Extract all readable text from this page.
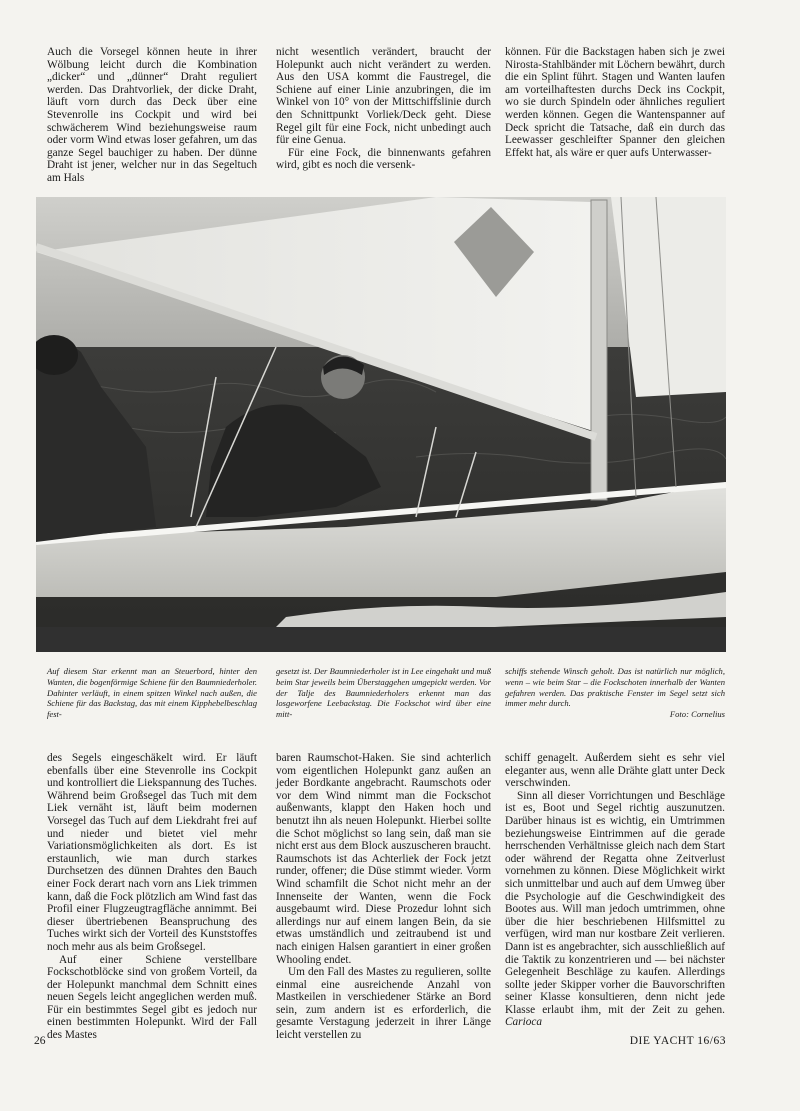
Auch die Vorsegel können heute in ihrer Wölbung leicht durch die Kombination „dicker“ und „dünner“ Draht reguliert werden. Das Drahtvorliek, der dicke Draht, läuft vorn durch das Deck über eine Stevenrolle ins Cockpit und wird bei schwächerem Wind beziehungsweise raum oder vorm Wind etwas loser gefahren, um das ganze Segel bauchiger zu haben. Der dünne Draht ist jener, welcher nur in das Segeltuch am Hals

nicht wesentlich verändert, braucht der Holepunkt auch nicht verändert zu werden. Aus den USA kommt die Faustregel, die Schiene auf einer Linie anzubringen, die im Winkel von 10° von der Mittschiffslinie durch den Schnittpunkt Vorliek/Deck geht. Diese Regel gilt für eine Fock, nicht unbedingt auch für eine Genua.

Für eine Fock, die binnenwants gefahren wird, gibt es noch die versenk-

können. Für die Backstagen haben sich je zwei Nirosta-Stahlbänder mit Löchern bewährt, durch die ein Splint führt. Stagen und Wanten laufen am vorteilhaftesten durchs Deck ins Cockpit, wo sie durch Spindeln oder ähnliches reguliert werden können. Gegen die Wantenspanner auf Deck spricht die Tatsache, daß ein durch das Leewasser geschleifter Spanner den gleichen Effekt hat, als wäre er quer aufs Unterwasser-

Auf diesem Star erkennt man an Steuerbord, hinter den Wanten, die bogenförmige Schiene für den Baumniederholer. Dahinter verläuft, in einem spitzen Winkel nach außen, die Schiene für das Backstag, das mit einem Kipphebelbeschlag fest-

gesetzt ist. Der Baumniederholer ist in Lee eingehakt und muß beim Star jeweils beim Überstaggehen umgepickt werden. Vor der Talje des Baumniederholers erkennt man das losgeworfene Leebackstag. Die Fockschot wird über eine mitt-

schiffs stehende Winsch geholt. Das ist natürlich nur möglich, wenn – wie beim Star – die Fockschoten innerhalb der Wanten gefahren werden. Das praktische Fenster im Segel setzt sich immer mehr durch.
Foto: Cornelius

des Segels eingeschäkelt wird. Er läuft ebenfalls über eine Stevenrolle ins Cockpit und kontrolliert die Liekspannung des Tuches. Während beim Großsegel das Tuch mit dem Liek vernäht ist, läuft beim modernen Vorsegel das Tuch auf dem Liekdraht frei auf und nieder und bietet viel mehr Variationsmöglichkeiten als dort. Es ist erstaunlich, wie man durch starkes Durchsetzen des dünnen Drahtes den Bauch einer Fock derart nach vorn ans Liek trimmen kann, daß die Fock plötzlich am Wind fast das Profil einer Flugzeugtragfläche annimmt. Bei dieser übertriebenen Beanspruchung des Tuches wirkt sich der Vorteil des Kunststoffes noch mehr aus als beim Großsegel.

Auf einer Schiene verstellbare Fockschotblöcke sind von großem Vorteil, da der Holepunkt manchmal dem Schnitt eines neuen Segels leicht angeglichen werden muß. Für ein bestimmtes Segel gibt es jedoch nur einen bestimmten Holepunkt. Wird der Fall des Mastes

baren Raumschot-Haken. Sie sind achterlich vom eigentlichen Holepunkt ganz außen an jeder Bordkante angebracht. Raumschots oder vor dem Wind nimmt man die Fockschot außenwants, klappt den Haken hoch und benutzt ihn als neuen Holepunkt. Hierbei sollte die Schot möglichst so lang sein, daß man sie nicht erst aus dem Block auszuscheren braucht. Raumschots ist das Achterliek der Fock jetzt runder, offener; die Düse stimmt wieder. Vorm Wind schamfilt die Schot nicht mehr an der Innenseite der Wanten, wenn die Fock ausgebaumt wird. Diese Prozedur lohnt sich allerdings nur auf einem langen Bein, da sie etwas umständlich und zeitraubend ist und nach einigen Halsen garantiert in einer großen Whooling endet.

Um den Fall des Mastes zu regulieren, sollte einmal eine ausreichende Anzahl von Mastkeilen in verschiedener Stärke an Bord sein, zum andern ist es erforderlich, die gesamte Verstagung jederzeit in ihrer Länge leicht verstellen zu

schiff genagelt. Außerdem sieht es sehr viel eleganter aus, wenn alle Drähte glatt unter Deck verschwinden.

Sinn all dieser Vorrichtungen und Beschläge ist es, Boot und Segel richtig auszunutzen. Darüber hinaus ist es wichtig, ein Umtrimmen beziehungsweise Eintrimmen auf die gerade herrschenden Verhältnisse gleich nach dem Start oder während der Regatta ohne Zeitverlust vornehmen zu können. Diese Möglichkeit wirkt sich unmittelbar und auch auf dem Umweg über die Psychologie auf die Geschwindigkeit des Bootes aus. Will man jedoch umtrimmen, ohne über die hier beschriebenen Hilfsmittel zu verfügen, wird man nur kostbare Zeit verlieren. Dann ist es angebrachter, sich ausschließlich auf die Taktik zu konzentrieren und — bei nächster Gelegenheit Beschläge zu kaufen. Allerdings sollte jeder Skipper vorher die Bauvorschriften seiner Klasse konsultieren, denn nicht jede Klasse erlaubt ihm, mit der Zeit zu gehen. Carioca

26	DIE YACHT 16/63
